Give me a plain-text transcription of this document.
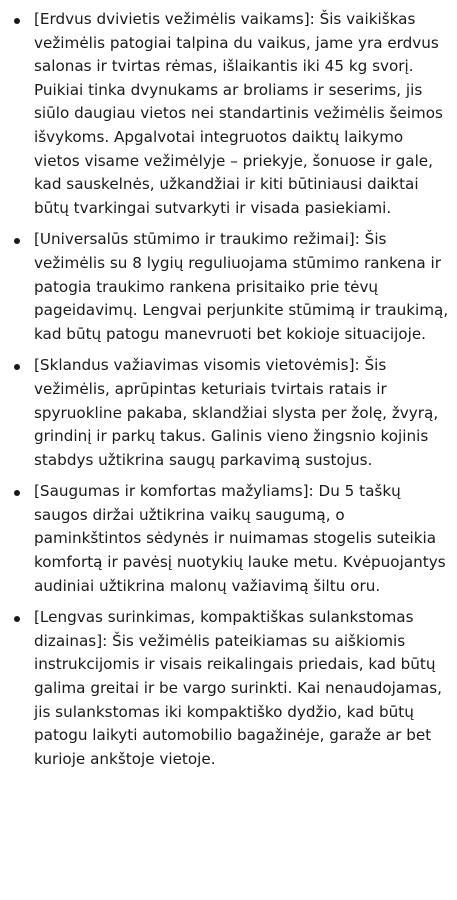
[Erdvus dvivietis vežimėlis vaikams]: Šis vaikiškas vežimėlis patogiai talpina du vaikus, jame yra erdvus salonas ir tvirtas rėmas, išlaikantis iki 45 kg svorį. Puikiai tinka dvynukams ar broliams ir seserims, jis siūlo daugiau vietos nei standartinis vežimėlis šeimos išvykoms. Apgalvotai integruotos daiktų laikymo vietos visame vežimėlyje – priekyje, šonuose ir gale, kad sauskelnės, užkandžiai ir kiti būtiniausi daiktai būtų tvarkingai sutvarkyti ir visada pasiekiami.
[Universalūs stūmimo ir traukimo režimai]: Šis vežimėlis su 8 lygių reguliuojama stūmimo rankena ir patogia traukimo rankena prisitaiko prie tėvų pageidavimų. Lengvai perjunkite stūmimą ir traukimą, kad būtų patogu manevruoti bet kokioje situacijoje.
[Sklandus važiavimas visomis vietovėmis]: Šis vežimėlis, aprūpintas keturiais tvirtais ratais ir spyruokline pakaba, sklandžiai slysta per žolę, žvyrą, grindinį ir parkų takus. Galinis vieno žingsnio kojinis stabdys užtikrina saugų parkavimą sustojus.
[Saugumas ir komfortas mažyliams]: Du 5 taškų saugos diržai užtikrina vaikų saugumą, o paminkštintos sėdynės ir nuimamas stogelis suteikia komfortą ir pavėsį nuotykių lauke metu. Kvėpuojantys audiniai užtikrina malonų važiavimą šiltu oru.
[Lengvas surinkimas, kompaktiškas sulankstomas dizainas]: Šis vežimėlis pateikiamas su aiškiomis instrukcijomis ir visais reikalingais priedais, kad būtų galima greitai ir be vargo surinkti. Kai nenaudojamas, jis sulankstomas iki kompaktiško dydžio, kad būtų patogu laikyti automobilio bagažinėje, garaže ar bet kurioje ankštoje vietoje.
